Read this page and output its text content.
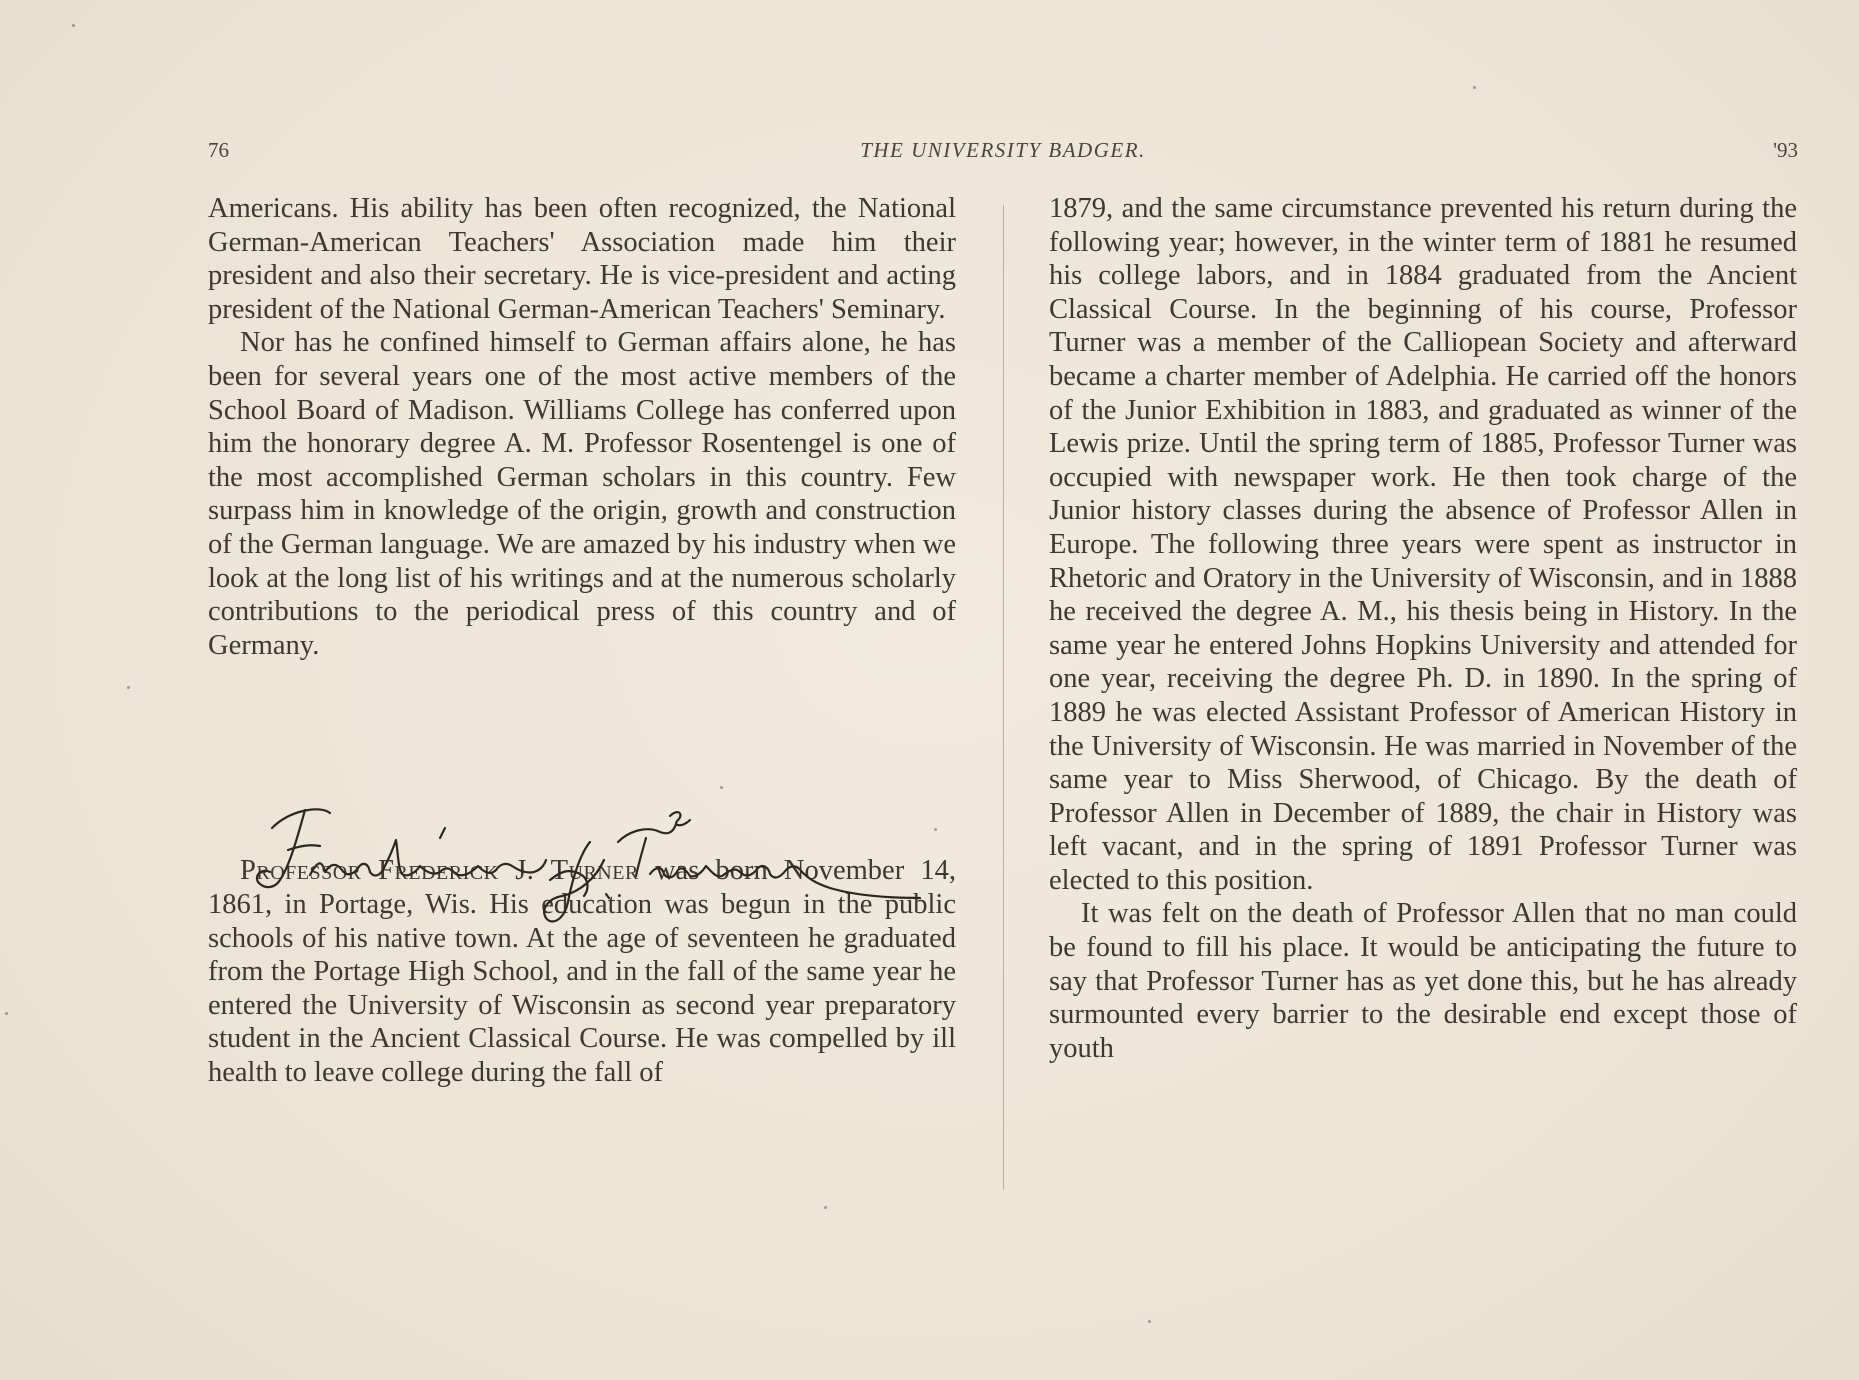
76	THE UNIVERSITY BADGER.	'93

Americans. His ability has been often recognized, the National German-American Teachers' Association made him their president and also their secretary. He is vice-president and acting president of the National German-American Teachers' Seminary.

Nor has he confined himself to German affairs alone, he has been for several years one of the most active members of the School Board of Madison. Williams College has conferred upon him the honorary degree A. M. Professor Rosentengel is one of the most accomplished German scholars in this country. Few surpass him in knowledge of the origin, growth and construction of the German language. We are amazed by his industry when we look at the long list of his writings and at the numerous scholarly contributions to the periodical press of this country and of Germany.

Professor Frederick J. Turner was born November 14, 1861, in Portage, Wis. His education was begun in the public schools of his native town. At the age of seventeen he graduated from the Portage High School, and in the fall of the same year he entered the University of Wisconsin as second year preparatory student in the Ancient Classical Course. He was compelled by ill health to leave college during the fall of

1879, and the same circumstance prevented his return during the following year; however, in the winter term of 1881 he resumed his college labors, and in 1884 graduated from the Ancient Classical Course. In the beginning of his course, Professor Turner was a member of the Calliopean Society and afterward became a charter member of Adelphia. He carried off the honors of the Junior Exhibition in 1883, and graduated as winner of the Lewis prize. Until the spring term of 1885, Professor Turner was occupied with newspaper work. He then took charge of the Junior history classes during the absence of Professor Allen in Europe. The following three years were spent as instructor in Rhetoric and Oratory in the University of Wisconsin, and in 1888 he received the degree A. M., his thesis being in History. In the same year he entered Johns Hopkins University and attended for one year, receiving the degree Ph. D. in 1890. In the spring of 1889 he was elected Assistant Professor of American History in the University of Wisconsin. He was married in November of the same year to Miss Sherwood, of Chicago. By the death of Professor Allen in December of 1889, the chair in History was left vacant, and in the spring of 1891 Professor Turner was elected to this position.

It was felt on the death of Professor Allen that no man could be found to fill his place. It would be anticipating the future to say that Professor Turner has as yet done this, but he has already surmounted every barrier to the desirable end except those of youth
